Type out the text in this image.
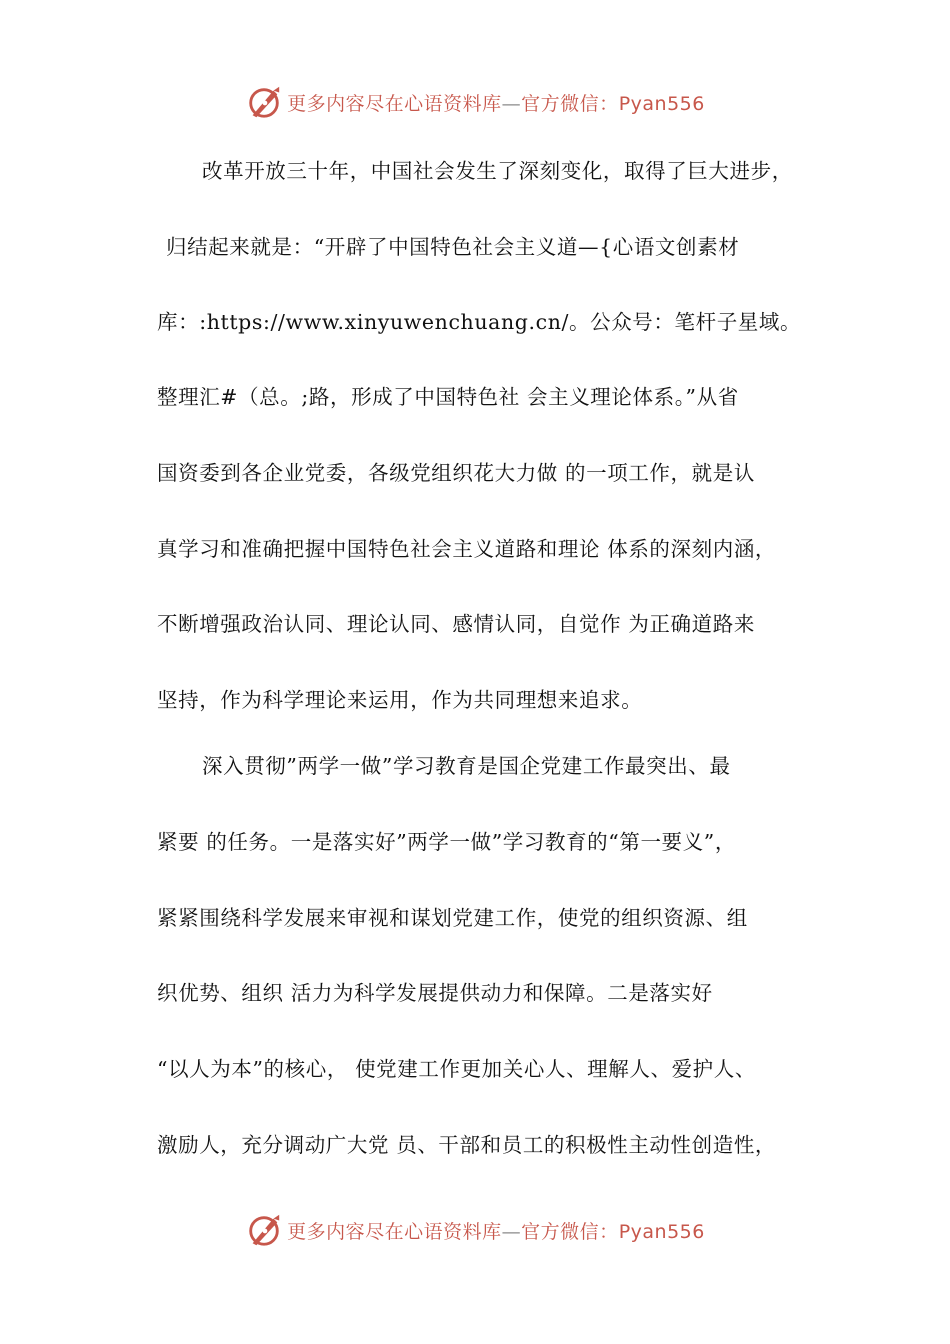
更多内容尽在心语资料库—官方微信：Pyan556
改革开放三十年，中国社会发生了深刻变化，取得了巨大进步，
归结起来就是：“开辟了中国特色社会主义道—{心语文创素材
库：:https://www.xinyuwenchuang.cn/。公众号：笔杆子星域。
整理汇#（总。;路，形成了中国特色社 会主义理论体系。”从省
国资委到各企业党委，各级党组织花大力做 的一项工作，就是认
真学习和准确把握中国特色社会主义道路和理论 体系的深刻内涵，
不断增强政治认同、理论认同、感情认同，自觉作 为正确道路来
坚持，作为科学理论来运用，作为共同理想来追求。
深入贯彻”两学一做”学习教育是国企党建工作最突出、最
紧要 的任务。一是落实好”两学一做”学习教育的“第一要义”，
紧紧围绕科学发展来审视和谋划党建工作，使党的组织资源、组
织优势、组织 活力为科学发展提供动力和保障。二是落实好
“以人为本”的核心， 使党建工作更加关心人、理解人、爱护人、
激励人，充分调动广大党 员、干部和员工的积极性主动性创造性，
更多内容尽在心语资料库—官方微信：Pyan556
